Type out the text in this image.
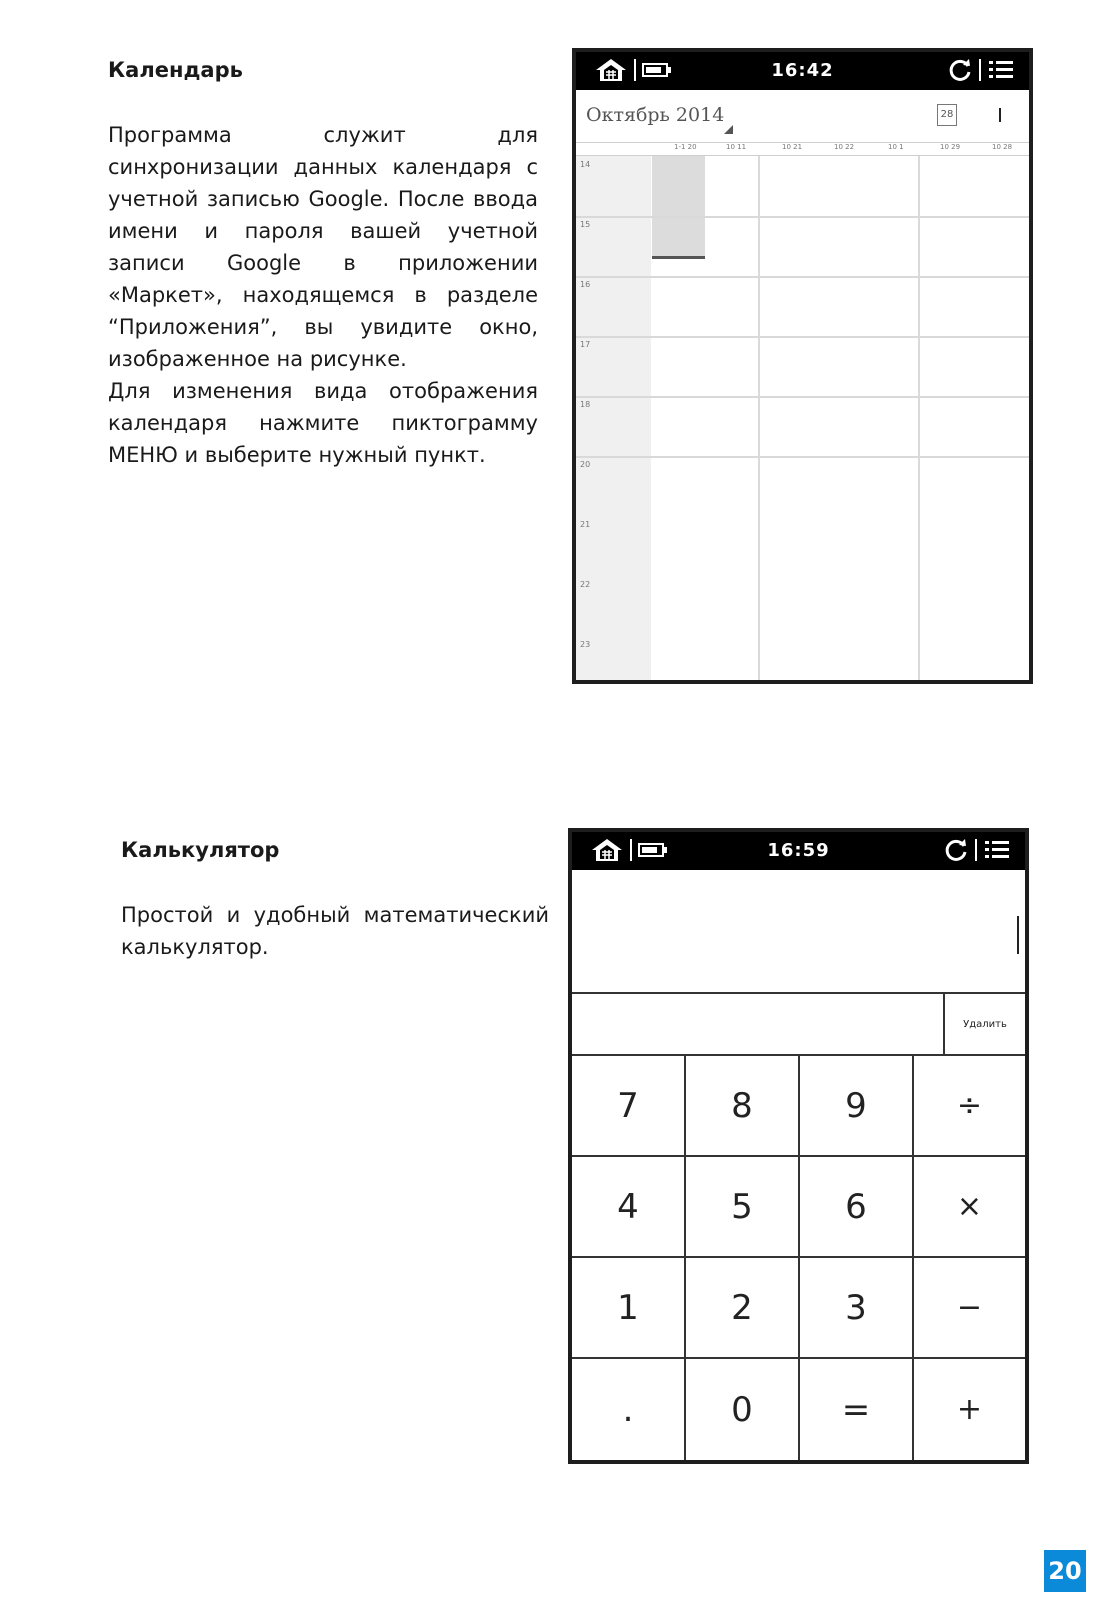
Календарь

Программа служит для синхронизации данных календаря с учетной записью Google. После ввода имени и пароля вашей учетной записи Google в приложении «Маркет», находящемся в разделе “Приложения”, вы увидите окно, изображенное на рисунке.

Для изменения вида отображения календаря нажмите пиктограмму МЕНЮ и выберите нужный пункт.

16:42
Октябрь 2014	28
1-1 20	10 11	10 21	10 22	10 1	10 29	10 28
14
15
16
17
18
20
21
22
23
Калькулятор

Простой и удобный математический калькулятор.

16:59
Удалить
7	8	9	÷
4	5	6	×
1	2	3	−
.	0	=	+
20
